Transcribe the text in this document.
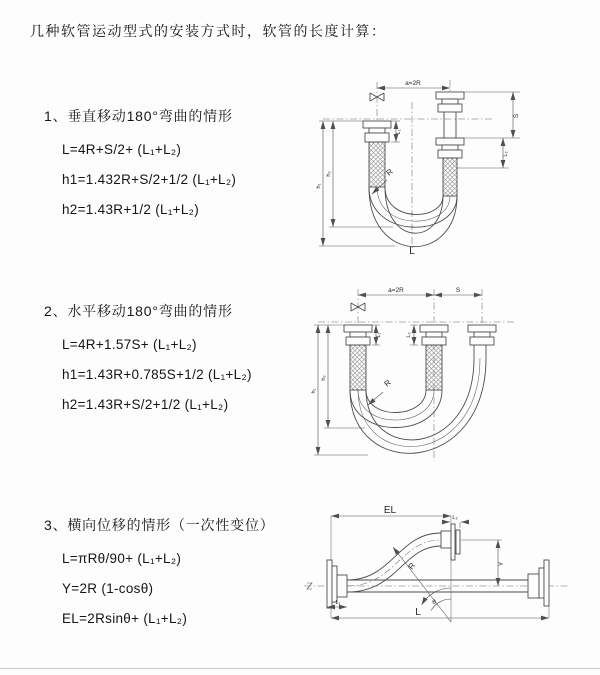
几种软管运动型式的安装方式时，软管的长度计算：
1、垂直移动180°弯曲的情形
L=4R+S/2+ (L₁+L₂)
h1=1.432R+S/2+1/2 (L₁+L₂)
h2=1.43R+1/2 (L₁+L₂)
2、水平移动180°弯曲的情形
L=4R+1.57S+ (L₁+L₂)
h1=1.43R+0.785S+1/2 (L₁+L₂)
h2=1.43R+S/2+1/2 (L₁+L₂)
3、横向位移的情形（一次性变位）
L=πRθ/90+ (L₁+L₂)
Y=2R (1-cosθ)
EL=2Rsinθ+ (L₁+L₂)
a=2R
L₁
S
L₂
h₁
h₂	R
L
a=2R	S
L₁	L₂
h₁
h₂	R
EL
L₂
Y
R
θ
L₁
L
